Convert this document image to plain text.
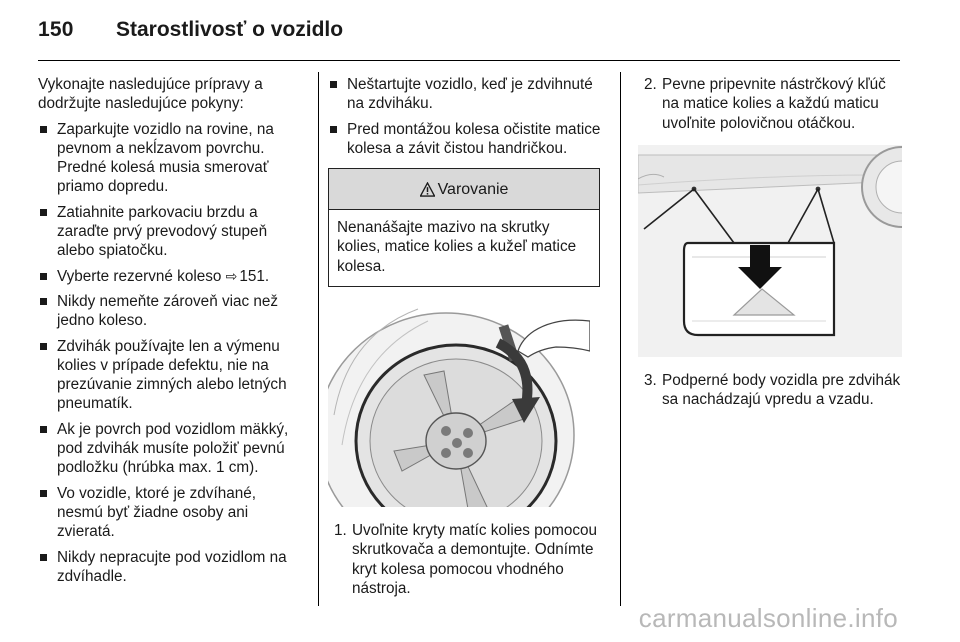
150 Starostlivosť o vozidlo

Vykonajte nasledujúce prípravy a dodržujte nasledujúce pokyny:

Zaparkujte vozidlo na rovine, na pevnom a nekĺzavom povrchu. Predné kolesá musia smerovať priamo dopredu.
Zatiahnite parkovaciu brzdu a zaraďte prvý prevodový stupeň alebo spiatočku.
Vyberte rezervné koleso ⇨ 151.
Nikdy nemeňte zároveň viac než jedno koleso.
Zdvihák používajte len a výmenu kolies v prípade defektu, nie na prezúvanie zimných alebo letných pneumatík.
Ak je povrch pod vozidlom mäkký, pod zdvihák musíte položiť pevnú podložku (hrúbka max. 1 cm).
Vo vozidle, ktoré je zdvíhané, nesmú byť žiadne osoby ani zvieratá.
Nikdy nepracujte pod vozidlom na zdvíhadle.
Neštartujte vozidlo, keď je zdvihnuté na zdviháku.
Pred montážou kolesa očistite matice kolesa a závit čistou handričkou.
Varovanie
Nenanášajte mazivo na skrutky kolies, matice kolies a kužeľ matice kolesa.
1. Uvoľnite kryty matíc kolies pomocou skrutkovača a demontujte. Odnímte kryt kolesa pomocou vhodného nástroja.
2. Pevne pripevnite nástrčkový kľúč na matice kolies a každú maticu uvoľnite polovičnou otáčkou.
3. Podperné body vozidla pre zdvihák sa nachádzajú vpredu a vzadu.
carmanualsonline.info
